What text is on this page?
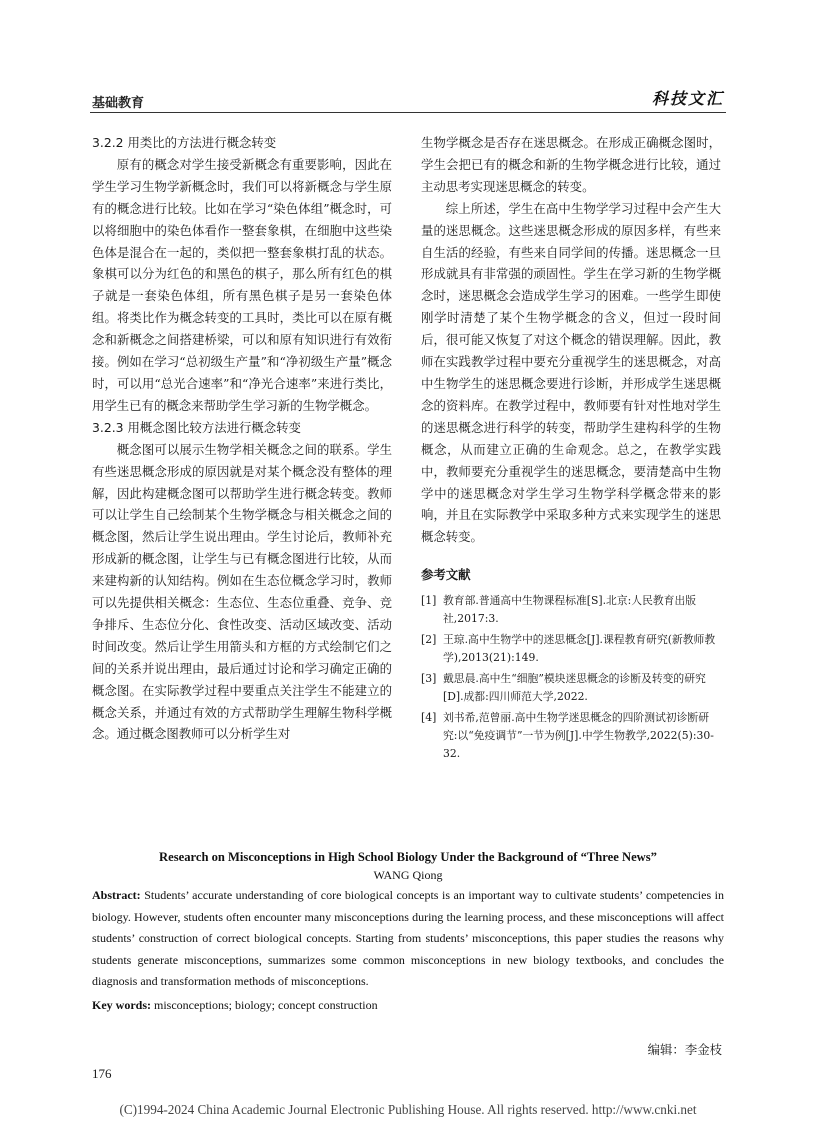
基础教育	科技文汇
3.2.2 用类比的方法进行概念转变

原有的概念对学生接受新概念有重要影响，因此在学生学习生物学新概念时，我们可以将新概念与学生原有的概念进行比较。比如在学习“染色体组”概念时，可以将细胞中的染色体看作一整套象棋，在细胞中这些染色体是混合在一起的，类似把一整套象棋打乱的状态。象棋可以分为红色的和黑色的棋子，那么所有红色的棋子就是一套染色体组，所有黑色棋子是另一套染色体组。将类比作为概念转变的工具时，类比可以在原有概念和新概念之间搭建桥梁，可以和原有知识进行有效衔接。例如在学习“总初级生产量”和“净初级生产量”概念时，可以用“总光合速率”和“净光合速率”来进行类比，用学生已有的概念来帮助学生学习新的生物学概念。

3.2.3 用概念图比较方法进行概念转变

概念图可以展示生物学相关概念之间的联系。学生有些迷思概念形成的原因就是对某个概念没有整体的理解，因此构建概念图可以帮助学生进行概念转变。教师可以让学生自己绘制某个生物学概念与相关概念之间的概念图，然后让学生说出理由。学生讨论后，教师补充形成新的概念图，让学生与已有概念图进行比较，从而来建构新的认知结构。例如在生态位概念学习时，教师可以先提供相关概念：生态位、生态位重叠、竞争、竞争排斥、生态位分化、食性改变、活动区域改变、活动时间改变。然后让学生用箭头和方框的方式绘制它们之间的关系并说出理由，最后通过讨论和学习确定正确的概念图。在实际教学过程中要重点关注学生不能建立的概念关系，并通过有效的方式帮助学生理解生物科学概念。通过概念图教师可以分析学生对

生物学概念是否存在迷思概念。在形成正确概念图时，学生会把已有的概念和新的生物学概念进行比较，通过主动思考实现迷思概念的转变。

综上所述，学生在高中生物学学习过程中会产生大量的迷思概念。这些迷思概念形成的原因多样，有些来自生活的经验，有些来自同学间的传播。迷思概念一旦形成就具有非常强的顽固性。学生在学习新的生物学概念时，迷思概念会造成学生学习的困难。一些学生即使刚学时清楚了某个生物学概念的含义，但过一段时间后，很可能又恢复了对这个概念的错误理解。因此，教师在实践教学过程中要充分重视学生的迷思概念，对高中生物学生的迷思概念要进行诊断，并形成学生迷思概念的资料库。在教学过程中，教师要有针对性地对学生的迷思概念进行科学的转变，帮助学生建构科学的生物概念，从而建立正确的生命观念。总之，在教学实践中，教师要充分重视学生的迷思概念，要清楚高中生物学中的迷思概念对学生学习生物学科学概念带来的影响，并且在实际教学中采取多种方式来实现学生的迷思概念转变。

参考文献
[1] 教育部.普通高中生物课程标准[S].北京:人民教育出版社,2017:3.
[2] 王琼.高中生物学中的迷思概念[J].课程教育研究(新教师教学),2013(21):149.
[3] 戴思晨.高中生“细胞”模块迷思概念的诊断及转变的研究[D].成都:四川师范大学,2022.
[4] 刘书希,范曾丽.高中生物学迷思概念的四阶测试初诊断研究:以“免疫调节”一节为例[J].中学生物教学,2022(5):30-32.
Research on Misconceptions in High School Biology Under the Background of “Three News”
WANG Qiong
Abstract: Students’ accurate understanding of core biological concepts is an important way to cultivate students’ competencies in biology. However, students often encounter many misconceptions during the learning process, and these misconceptions will affect students’ construction of correct biological concepts. Starting from students’ misconceptions, this paper studies the reasons why students generate misconceptions, summarizes some common misconceptions in new biology textbooks, and concludes the diagnosis and transformation methods of misconceptions.
Key words: misconceptions; biology; concept construction
编辑：李金枝
176
(C)1994-2024 China Academic Journal Electronic Publishing House. All rights reserved. http://www.cnki.net
